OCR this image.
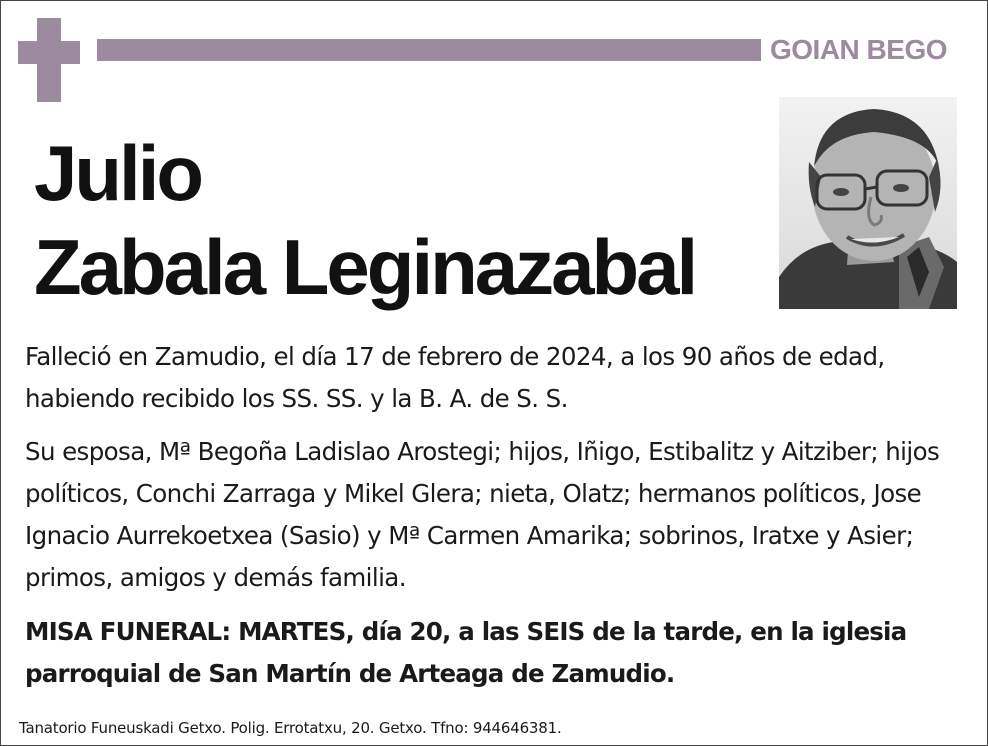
GOIAN BEGO
Julio
Zabala Leginazabal

Falleció en Zamudio, el día 17 de febrero de 2024, a los 90 años de edad, habiendo recibido los SS. SS. y la B. A. de S. S.

Su esposa, Mª Begoña Ladislao Arostegi; hijos, Iñigo, Estibalitz y Aitziber; hijos políticos, Conchi Zarraga y Mikel Glera; nieta, Olatz; hermanos políticos, Jose Ignacio Aurrekoetxea (Sasio) y Mª Carmen Amarika; sobrinos, Iratxe y Asier; primos, amigos y demás familia.

MISA FUNERAL: MARTES, día 20, a las SEIS de la tarde, en la iglesia parroquial de San Martín de Arteaga de Zamudio.

Tanatorio Funeuskadi Getxo. Polig. Errotatxu, 20. Getxo. Tfno: 944646381.
